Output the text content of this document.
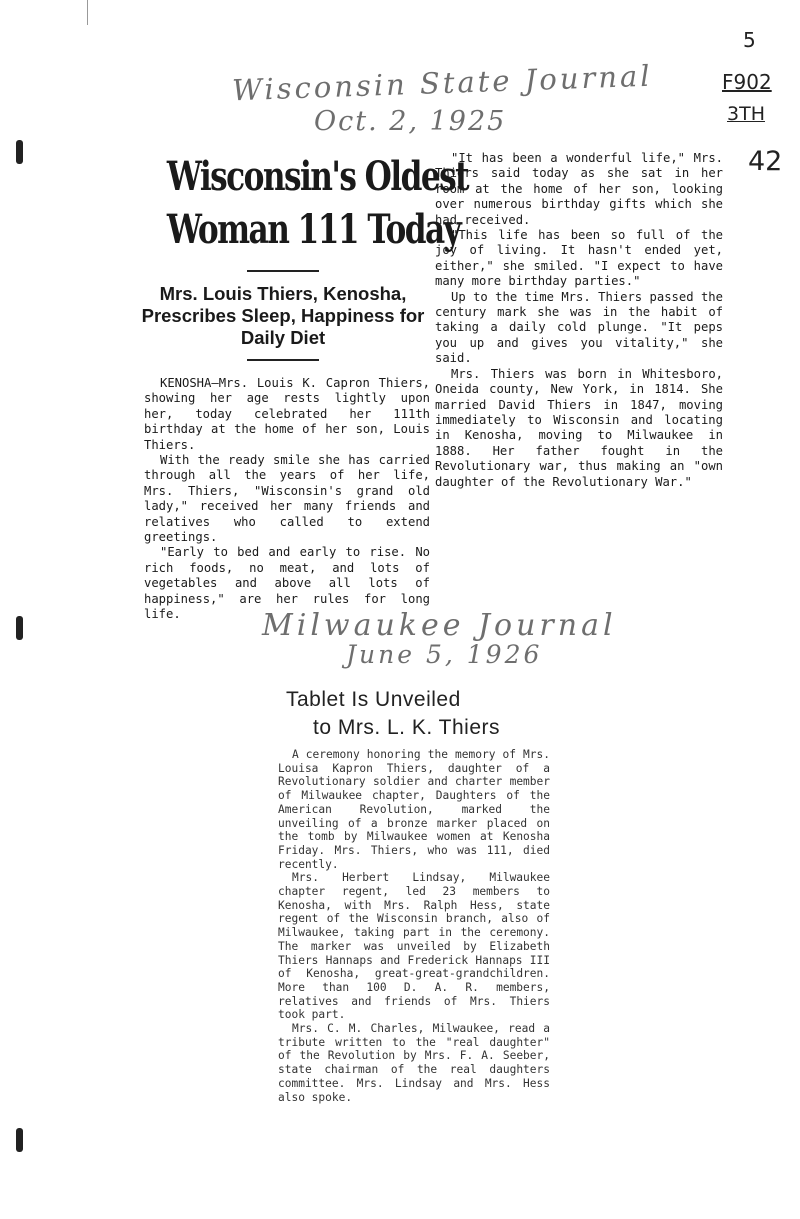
5
Wisconsin State Journal
Oct. 2, 1925
F902
3TH
42
Wisconsin's Oldest
Woman 111 Today
Mrs. Louis Thiers, Kenosha, Prescribes Sleep, Happiness for Daily Diet

KENOSHA—Mrs. Louis K. Capron Thiers, showing her age rests lightly upon her, today celebrated her 111th birthday at the home of her son, Louis Thiers.

With the ready smile she has carried through all the years of her life, Mrs. Thiers, "Wisconsin's grand old lady," received her many friends and relatives who called to extend greetings.

"Early to bed and early to rise. No rich foods, no meat, and lots of vegetables and above all lots of happiness," are her rules for long life.

"It has been a wonderful life," Mrs. Thiers said today as she sat in her room at the home of her son, looking over numerous birthday gifts which she had received.

"This life has been so full of the joy of living. It hasn't ended yet, either," she smiled. "I expect to have many more birthday parties."

Up to the time Mrs. Thiers passed the century mark she was in the habit of taking a daily cold plunge. "It peps you up and gives you vitality," she said.

Mrs. Thiers was born in Whitesboro, Oneida county, New York, in 1814. She married David Thiers in 1847, moving immediately to Wisconsin and locating in Kenosha, moving to Milwaukee in 1888. Her father fought in the Revolutionary war, thus making an "own daughter of the Revolutionary War."

Milwaukee Journal
June 5, 1926
Tablet Is Unveiled
to Mrs. L. K. Thiers

A ceremony honoring the memory of Mrs. Louisa Kapron Thiers, daughter of a Revolutionary soldier and charter member of Milwaukee chapter, Daughters of the American Revolution, marked the unveiling of a bronze marker placed on the tomb by Milwaukee women at Kenosha Friday. Mrs. Thiers, who was 111, died recently.

Mrs. Herbert Lindsay, Milwaukee chapter regent, led 23 members to Kenosha, with Mrs. Ralph Hess, state regent of the Wisconsin branch, also of Milwaukee, taking part in the ceremony. The marker was unveiled by Elizabeth Thiers Hannaps and Frederick Hannaps III of Kenosha, great-great-grandchildren. More than 100 D. A. R. members, relatives and friends of Mrs. Thiers took part.

Mrs. C. M. Charles, Milwaukee, read a tribute written to the "real daughter" of the Revolution by Mrs. F. A. Seeber, state chairman of the real daughters committee. Mrs. Lindsay and Mrs. Hess also spoke.
